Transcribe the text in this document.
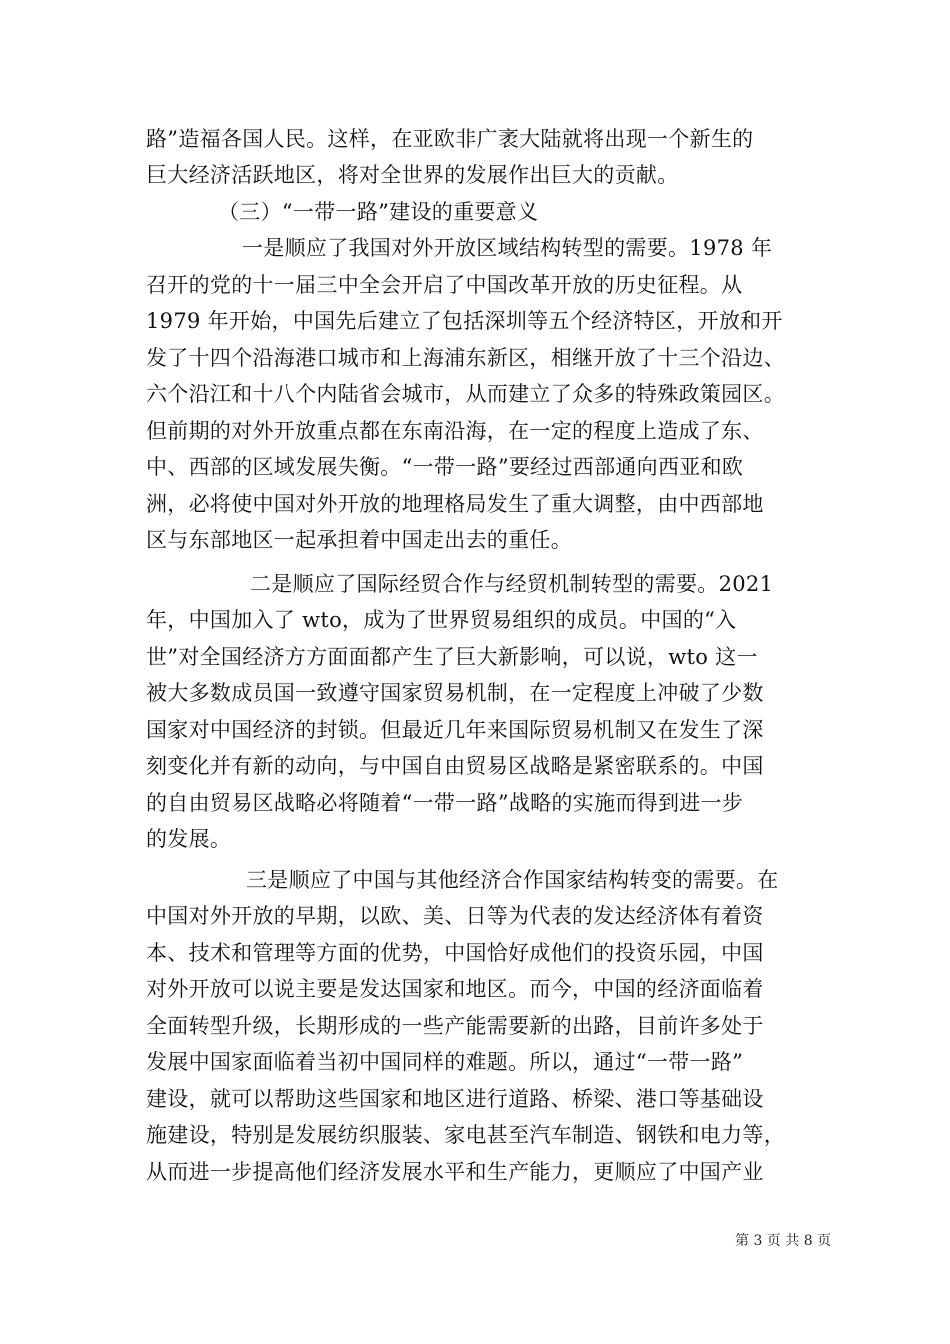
路”造福各国人民。这样，在亚欧非广袤大陆就将出现一个新生的
巨大经济活跃地区，将对全世界的发展作出巨大的贡献。
（三）“一带一路”建设的重要意义
一是顺应了我国对外开放区域结构转型的需要。1978 年
召开的党的十一届三中全会开启了中国改革开放的历史征程。从
1979 年开始，中国先后建立了包括深圳等五个经济特区，开放和开
发了十四个沿海港口城市和上海浦东新区，相继开放了十三个沿边、
六个沿江和十八个内陆省会城市，从而建立了众多的特殊政策园区。
但前期的对外开放重点都在东南沿海，在一定的程度上造成了东、
中、西部的区域发展失衡。“一带一路”要经过西部通向西亚和欧
洲，必将使中国对外开放的地理格局发生了重大调整，由中西部地
区与东部地区一起承担着中国走出去的重任。
二是顺应了国际经贸合作与经贸机制转型的需要。2021
年，中国加入了 wto，成为了世界贸易组织的成员。中国的“入
世”对全国经济方方面面都产生了巨大新影响，可以说，wto 这一
被大多数成员国一致遵守国家贸易机制，在一定程度上冲破了少数
国家对中国经济的封锁。但最近几年来国际贸易机制又在发生了深
刻变化并有新的动向，与中国自由贸易区战略是紧密联系的。中国
的自由贸易区战略必将随着“一带一路”战略的实施而得到进一步
的发展。
三是顺应了中国与其他经济合作国家结构转变的需要。在
中国对外开放的早期，以欧、美、日等为代表的发达经济体有着资
本、技术和管理等方面的优势，中国恰好成他们的投资乐园，中国
对外开放可以说主要是发达国家和地区。而今，中国的经济面临着
全面转型升级，长期形成的一些产能需要新的出路，目前许多处于
发展中国家面临着当初中国同样的难题。所以，通过“一带一路”
建设，就可以帮助这些国家和地区进行道路、桥梁、港口等基础设
施建设，特别是发展纺织服装、家电甚至汽车制造、钢铁和电力等，
从而进一步提高他们经济发展水平和生产能力，更顺应了中国产业
第 3 页 共 8 页
